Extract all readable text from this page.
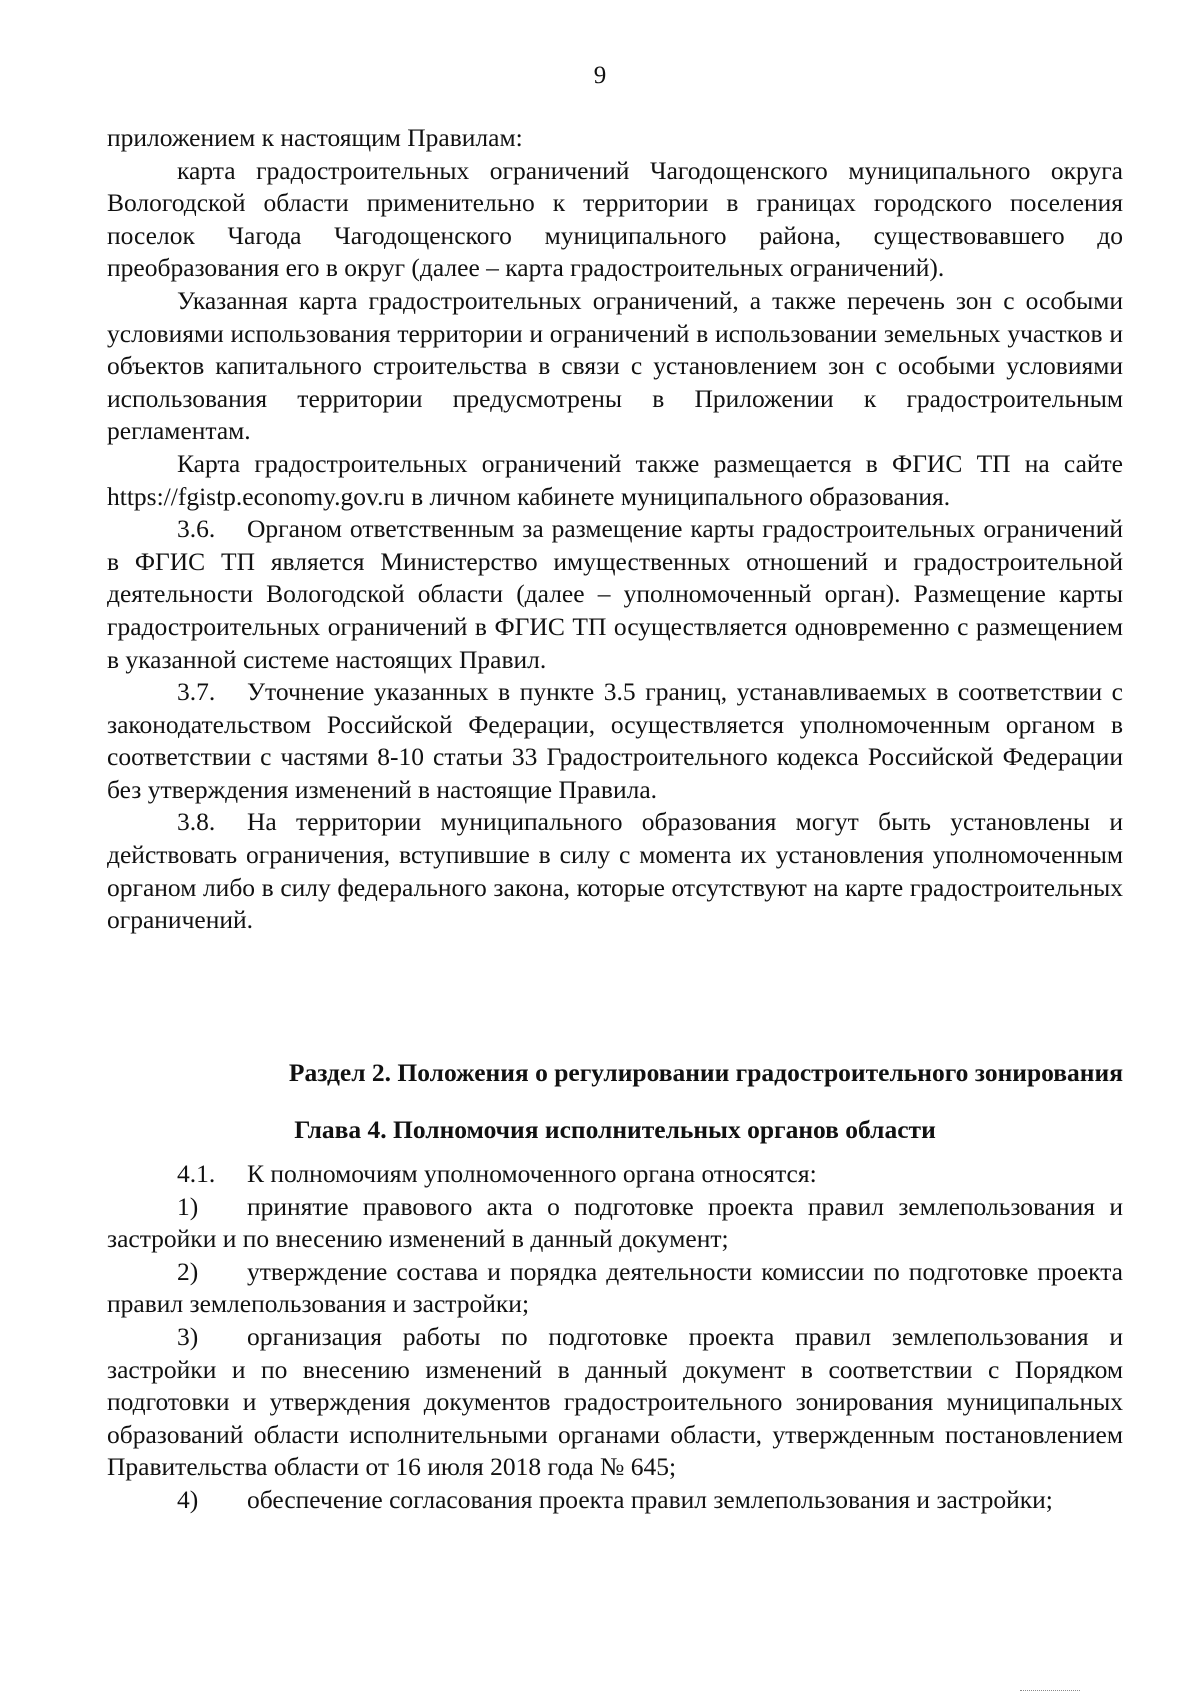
9

приложением к настоящим Правилам:

карта градостроительных ограничений Чагодощенского муниципального округа Вологодской области применительно к территории в границах городского поселения поселок Чагода Чагодощенского муниципального района, существовавшего до преобразования его в округ (далее – карта градостроительных ограничений).

Указанная карта градостроительных ограничений, а также перечень зон с особыми условиями использования территории и ограничений в использовании земельных участков и объектов капитального строительства в связи с установлением зон с особыми условиями использования территории предусмотрены в Приложении к градостроительным регламентам.

Карта градостроительных ограничений также размещается в ФГИС ТП на сайте https://fgistp.economy.gov.ru в личном кабинете муниципального образования.

3.6. Органом ответственным за размещение карты градостроительных ограничений в ФГИС ТП является Министерство имущественных отношений и градостроительной деятельности Вологодской области (далее – уполномоченный орган). Размещение карты градостроительных ограничений в ФГИС ТП осуществляется одновременно с размещением в указанной системе настоящих Правил.

3.7. Уточнение указанных в пункте 3.5 границ, устанавливаемых в соответствии с законодательством Российской Федерации, осуществляется уполномоченным органом в соответствии с частями 8-10 статьи 33 Градостроительного кодекса Российской Федерации без утверждения изменений в настоящие Правила.

3.8. На территории муниципального образования могут быть установлены и действовать ограничения, вступившие в силу с момента их установления уполномоченным органом либо в силу федерального закона, которые отсутствуют на карте градостроительных ограничений.

Раздел 2. Положения о регулировании градостроительного зонирования
Глава 4. Полномочия исполнительных органов области

4.1. К полномочиям уполномоченного органа относятся:

1) принятие правового акта о подготовке проекта правил землепользования и застройки и по внесению изменений в данный документ;

2) утверждение состава и порядка деятельности комиссии по подготовке проекта правил землепользования и застройки;

3) организация работы по подготовке проекта правил землепользования и застройки и по внесению изменений в данный документ в соответствии с Порядком подготовки и утверждения документов градостроительного зонирования муниципальных образований области исполнительными органами области, утвержденным постановлением Правительства области от 16 июля 2018 года № 645;

4) обеспечение согласования проекта правил землепользования и застройки;
